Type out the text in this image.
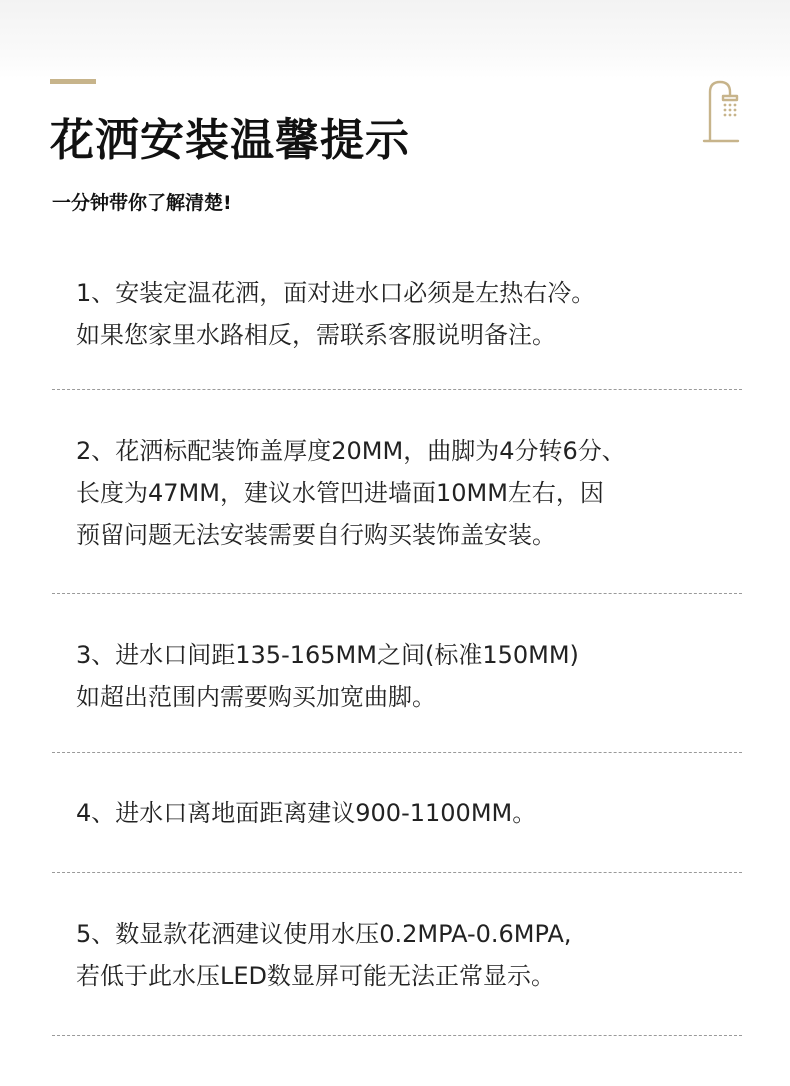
花洒安装温馨提示
一分钟带你了解清楚!

1、安装定温花洒，面对进水口必须是左热右冷。

如果您家里水路相反，需联系客服说明备注。

2、花洒标配装饰盖厚度20MM，曲脚为4分转6分、

长度为47MM，建议水管凹进墙面10MM左右，因

预留问题无法安装需要自行购买装饰盖安装。

3、进水口间距135-165MM之间(标准150MM)

如超出范围内需要购买加宽曲脚。

4、进水口离地面距离建议900-1100MM。

5、数显款花洒建议使用水压0.2MPA-0.6MPA,

若低于此水压LED数显屏可能无法正常显示。
